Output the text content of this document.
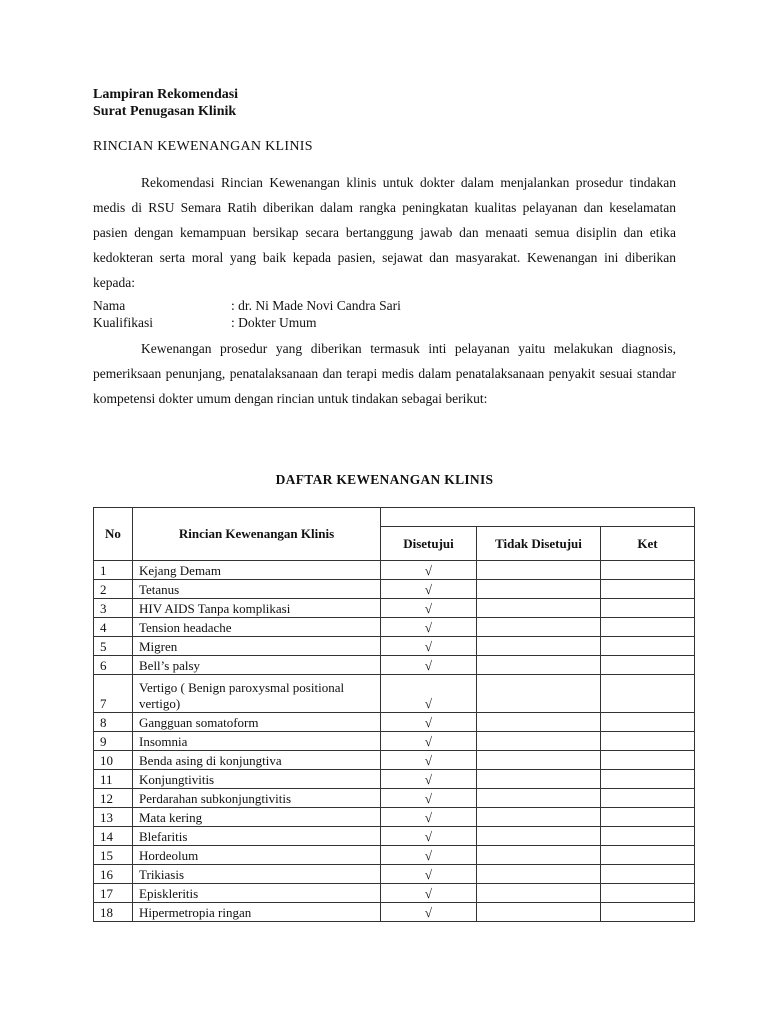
Lampiran Rekomendasi

Surat Penugasan Klinik

RINCIAN KEWENANGAN KLINIS

Rekomendasi Rincian Kewenangan klinis untuk dokter dalam menjalankan prosedur tindakan medis di RSU Semara Ratih diberikan dalam rangka peningkatan kualitas pelayanan dan keselamatan pasien dengan kemampuan bersikap secara bertanggung jawab dan menaati semua disiplin dan etika kedokteran serta moral yang baik kepada pasien, sejawat dan masyarakat. Kewenangan ini diberikan kepada:

Nama	: dr. Ni Made Novi Candra Sari
Kualifikasi	: Dokter Umum

Kewenangan prosedur yang diberikan termasuk inti pelayanan yaitu melakukan diagnosis, pemeriksaan penunjang, penatalaksanaan dan terapi medis dalam penatalaksanaan penyakit sesuai standar kompetensi dokter umum dengan rincian untuk tindakan sebagai berikut:

DAFTAR KEWENANGAN KLINIS

No	Rincian Kewenangan Klinis			
		Disetujui	Tidak Disetujui	Ket
1	Kejang Demam	√		
2	Tetanus	√		
3	HIV AIDS Tanpa komplikasi	√		
4	Tension headache	√		
5	Migren	√		
6	Bell’s palsy	√		
7	Vertigo ( Benign paroxysmal positional vertigo)	√		
8	Gangguan somatoform	√		
9	Insomnia	√		
10	Benda asing di konjungtiva	√		
11	Konjungtivitis	√		
12	Perdarahan subkonjungtivitis	√		
13	Mata kering	√		
14	Blefaritis	√		
15	Hordeolum	√		
16	Trikiasis	√		
17	Episkleritis	√		
18	Hipermetropia ringan	√		
